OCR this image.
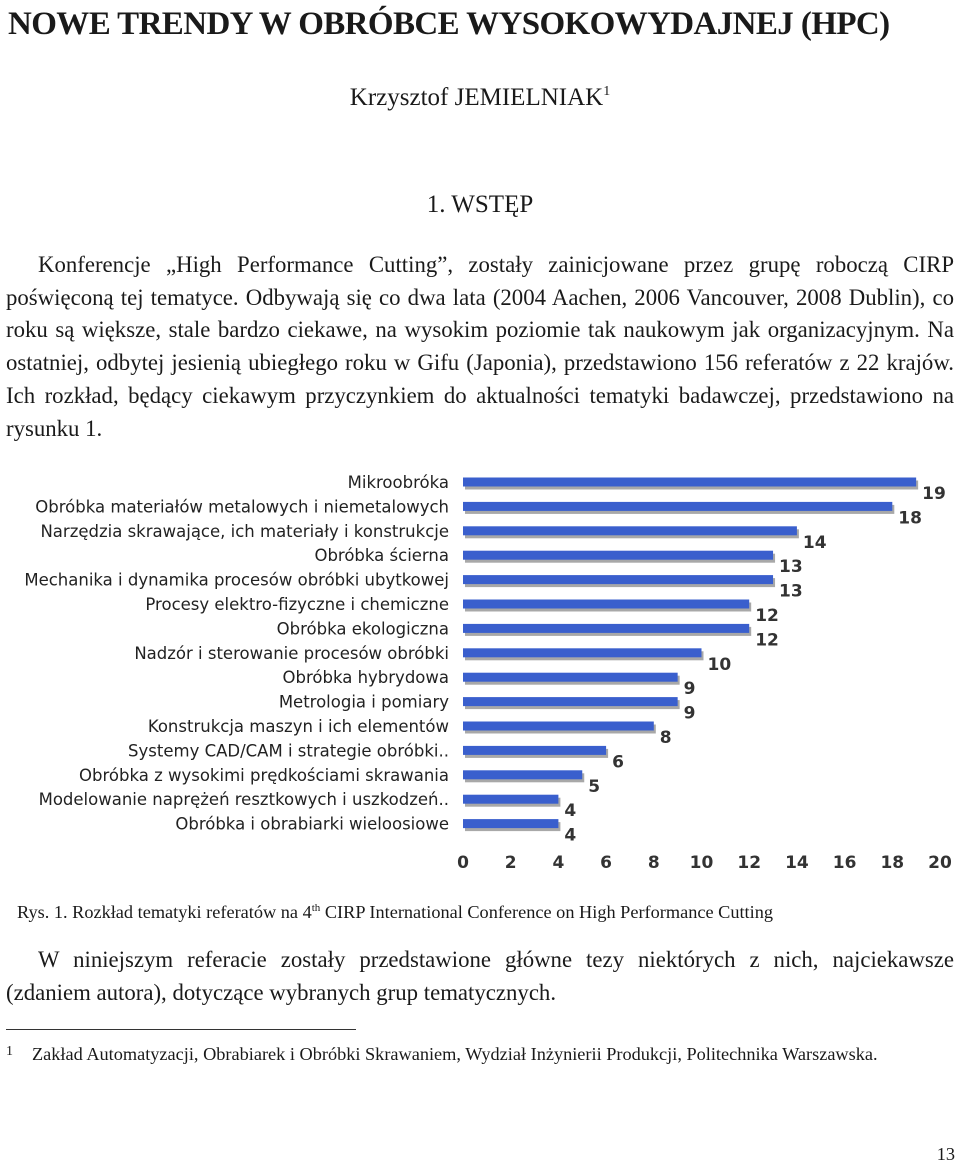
NOWE TRENDY W OBRÓBCE WYSOKOWYDAJNEJ (HPC)
Krzysztof JEMIELNIAK$^1$
1. WSTĘP

Konferencje „High Performance Cutting”, zostały zainicjowane przez grupę roboczą CIRP poświęconą tej tematyce. Odbywają się co dwa lata (2004 Aachen, 2006 Vancouver, 2008 Dublin), co roku są większe, stale bardzo ciekawe, na wysokim poziomie tak naukowym jak organizacyjnym. Na ostatniej, odbytej jesienią ubiegłego roku w Gifu (Japonia), przedstawiono 156 referatów z 22 krajów. Ich rozkład, będący ciekawym przyczynkiem do aktualności tematyki badawczej, przedstawiono na rysunku 1.

Mikroobróka
Obróbka materiałów metalowych i niemetalowych
Narzędzia skrawające, ich materiały i konstrukcje
Obróbka ścierna
Mechanika i dynamika procesów obróbki ubytkowej
Procesy elektro-fizyczne i chemiczne
Obróbka ekologiczna
Nadzór i sterowanie procesów obróbki
Obróbka hybrydowa
Metrologia i pomiary
Konstrukcja maszyn i ich elementów
Systemy CAD/CAM i strategie obróbki..
Obróbka z wysokimi prędkościami skrawania
Modelowanie naprężeń resztkowych i uszkodzeń..
Obróbka i obrabiarki wieloosiowe
19
18
14
13
13
12
12
10
9
9
8
6
5
4
4
0 2 4 6 8 10 12 14 16 18 20
Rys. 1. Rozkład tematyki referatów na 4th CIRP International Conference on High Performance Cutting

W niniejszym referacie zostały przedstawione główne tezy niektórych z nich, najciekawsze (zdaniem autora), dotyczące wybranych grup tematycznych.

1	Zakład Automatyzacji, Obrabiarek i Obróbki Skrawaniem, Wydział Inżynierii Produkcji, Politechnika Warszawska.
13
